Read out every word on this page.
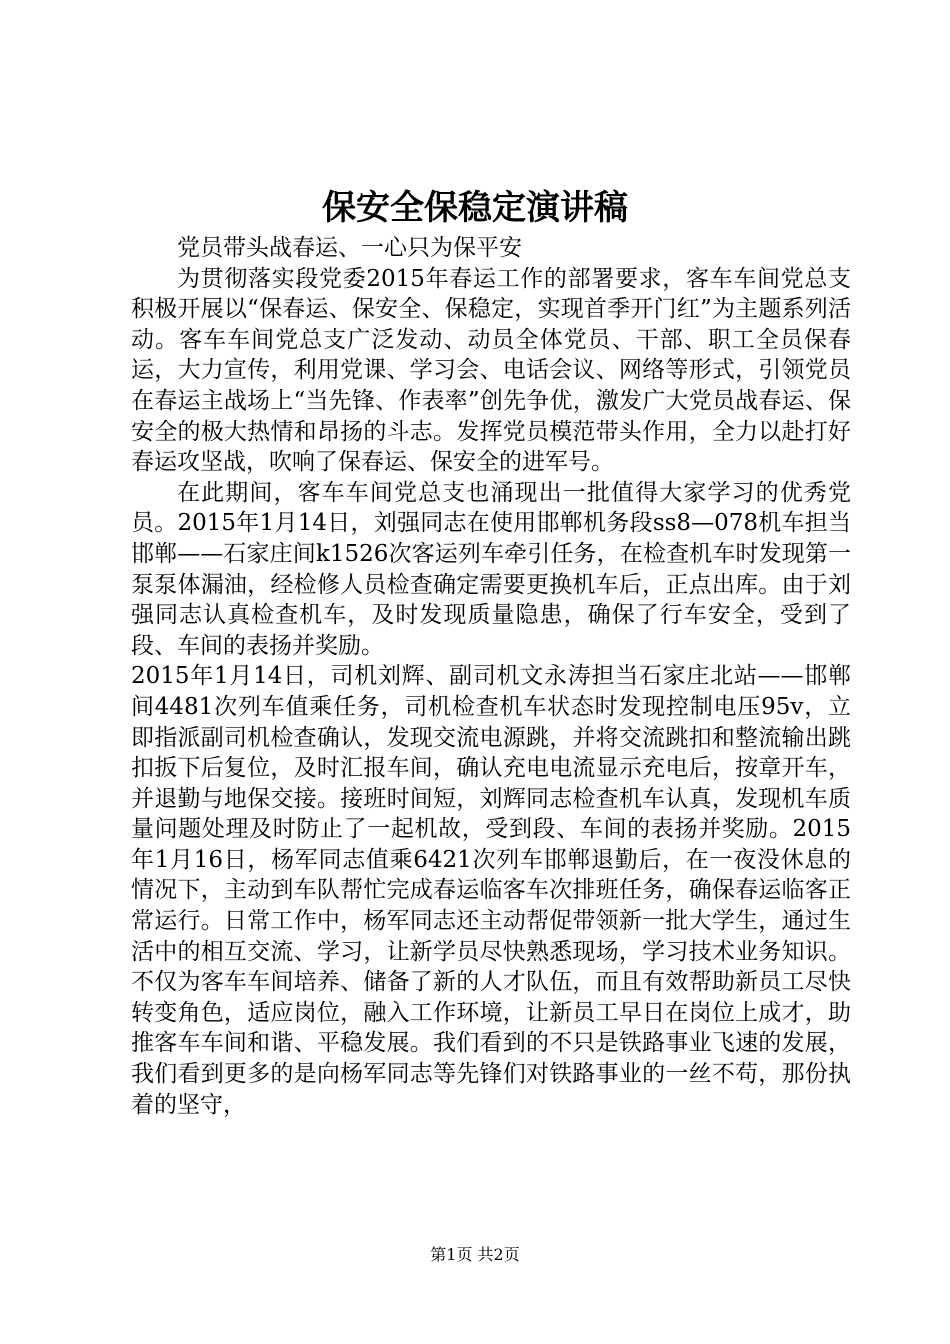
保安全保稳定演讲稿

党员带头战春运、一心只为保平安

为贯彻落实段党委2015年春运工作的部署要求，客车车间党总支积极开展以“保春运、保安全、保稳定，实现首季开门红”为主题系列活动。客车车间党总支广泛发动、动员全体党员、干部、职工全员保春运，大力宣传，利用党课、学习会、电话会议、网络等形式，引领党员在春运主战场上“当先锋、作表率”创先争优，激发广大党员战春运、保安全的极大热情和昂扬的斗志。发挥党员模范带头作用，全力以赴打好春运攻坚战，吹响了保春运、保安全的进军号。

在此期间，客车车间党总支也涌现出一批值得大家学习的优秀党员。2015年1月14日，刘强同志在使用邯郸机务段ss8—078机车担当邯郸——石家庄间k1526次客运列车牵引任务，在检查机车时发现第一泵泵体漏油，经检修人员检查确定需要更换机车后，正点出库。由于刘强同志认真检查机车，及时发现质量隐患，确保了行车安全，受到了段、车间的表扬并奖励。

2015年1月14日，司机刘辉、副司机文永涛担当石家庄北站——邯郸间4481次列车值乘任务，司机检查机车状态时发现控制电压95v，立即指派副司机检查确认，发现交流电源跳，并将交流跳扣和整流输出跳扣扳下后复位，及时汇报车间，确认充电电流显示充电后，按章开车，并退勤与地保交接。接班时间短，刘辉同志检查机车认真，发现机车质量问题处理及时防止了一起机故，受到段、车间的表扬并奖励。2015年1月16日，杨军同志值乘6421次列车邯郸退勤后，在一夜没休息的情况下，主动到车队帮忙完成春运临客车次排班任务，确保春运临客正常运行。日常工作中，杨军同志还主动帮促带领新一批大学生，通过生活中的相互交流、学习，让新学员尽快熟悉现场，学习技术业务知识。不仅为客车车间培养、储备了新的人才队伍，而且有效帮助新员工尽快转变角色，适应岗位，融入工作环境，让新员工早日在岗位上成才，助推客车车间和谐、平稳发展。我们看到的不只是铁路事业飞速的发展，我们看到更多的是向杨军同志等先锋们对铁路事业的一丝不苟，那份执着的坚守，

第1页 共2页
